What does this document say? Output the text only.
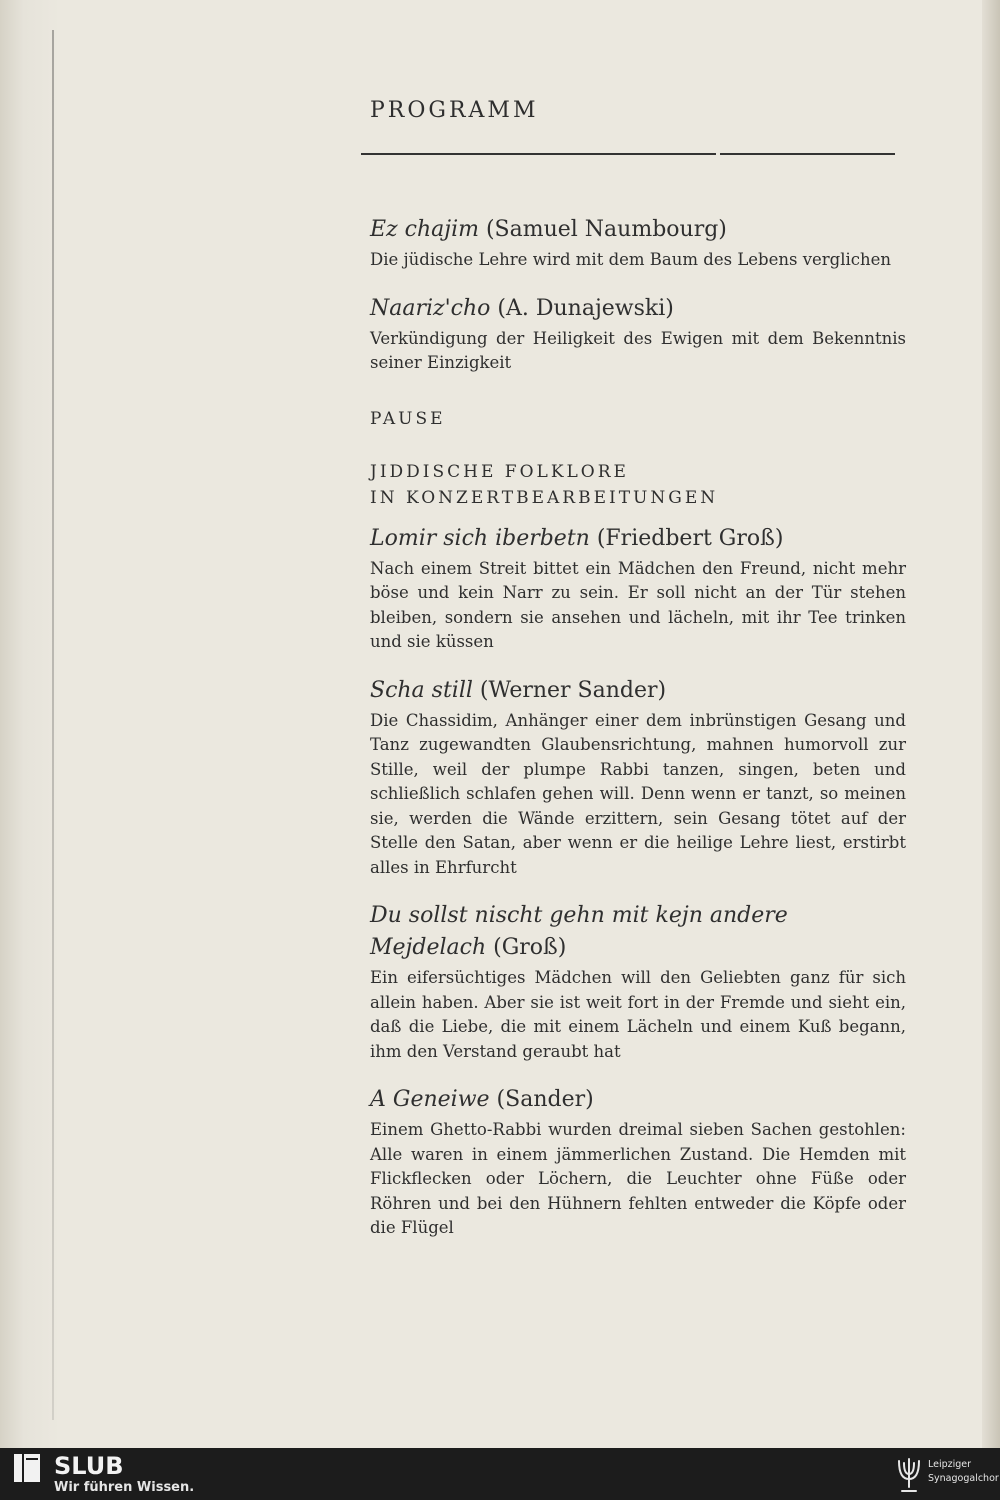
PROGRAMM

Ez chajim (Samuel Naumbourg)

Die jüdische Lehre wird mit dem Baum des Lebens verglichen

Naariz'cho (A. Dunajewski)

Verkündigung der Heiligkeit des Ewigen mit dem Bekenntnis seiner Einzigkeit

PAUSE
JIDDISCHE FOLKLORE
IN KONZERTBEARBEITUNGEN

Lomir sich iberbetn (Friedbert Groß)

Nach einem Streit bittet ein Mädchen den Freund, nicht mehr böse und kein Narr zu sein. Er soll nicht an der Tür stehen bleiben, sondern sie ansehen und lächeln, mit ihr Tee trinken und sie küssen

Scha still (Werner Sander)

Die Chassidim, Anhänger einer dem inbrünstigen Gesang und Tanz zugewandten Glaubensrichtung, mahnen humorvoll zur Stille, weil der plumpe Rabbi tanzen, singen, beten und schließlich schlafen gehen will. Denn wenn er tanzt, so meinen sie, werden die Wände erzittern, sein Gesang tötet auf der Stelle den Satan, aber wenn er die heilige Lehre liest, erstirbt alles in Ehrfurcht

Du sollst nischt gehn mit kejn andere Mejdelach (Groß)

Ein eifersüchtiges Mädchen will den Geliebten ganz für sich allein haben. Aber sie ist weit fort in der Fremde und sieht ein, daß die Liebe, die mit einem Lächeln und einem Kuß begann, ihm den Verstand geraubt hat

A Geneiwe (Sander)

Einem Ghetto-Rabbi wurden dreimal sieben Sachen gestohlen: Alle waren in einem jämmerlichen Zustand. Die Hemden mit Flickflecken oder Löchern, die Leuchter ohne Füße oder Röhren und bei den Hühnern fehlten entweder die Köpfe oder die Flügel

SLUB
Wir führen Wissen.
Leipziger
Synagogalchor
